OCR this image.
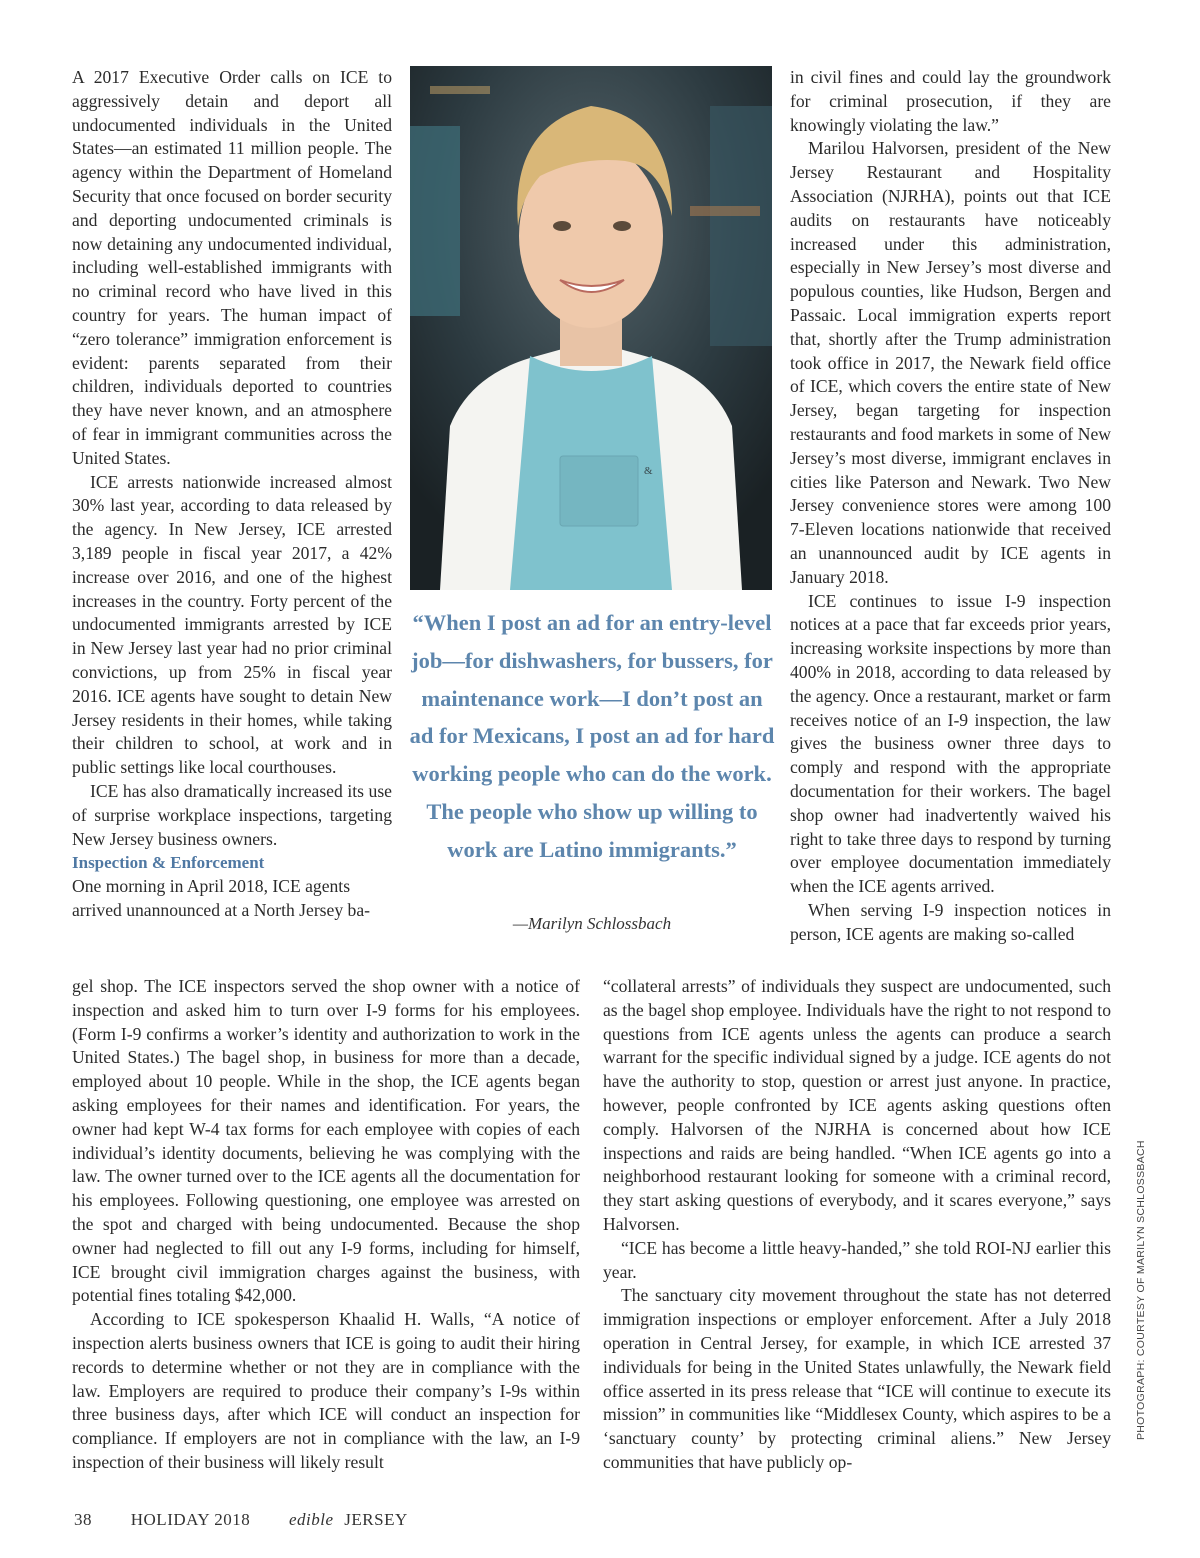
A 2017 Executive Order calls on ICE to aggressively detain and deport all undocumented individuals in the United States—an estimated 11 million people. The agency within the Department of Homeland Security that once focused on border security and deporting undocumented criminals is now detaining any undocumented individual, including well-established immigrants with no criminal record who have lived in this country for years. The human impact of “zero tolerance” immigration enforcement is evident: parents separated from their children, individuals deported to countries they have never known, and an atmosphere of fear in immigrant communities across the United States.

ICE arrests nationwide increased almost 30% last year, according to data released by the agency. In New Jersey, ICE arrested 3,189 people in fiscal year 2017, a 42% increase over 2016, and one of the highest increases in the country. Forty percent of the undocumented immigrants arrested by ICE in New Jersey last year had no prior criminal convictions, up from 25% in fiscal year 2016. ICE agents have sought to detain New Jersey residents in their homes, while taking their children to school, at work and in public settings like local courthouses.

ICE has also dramatically increased its use of surprise workplace inspections, targeting New Jersey business owners.

Inspection & Enforcement

One morning in April 2018, ICE agents arrived unannounced at a North Jersey ba-

&
“When I post an ad for an entry-level job—for dishwashers, for bussers, for maintenance work—I don’t post an ad for Mexicans, I post an ad for hard working people who can do the work. The people who show up willing to work are Latino immigrants.”
—Marilyn Schlossbach

in civil fines and could lay the groundwork for criminal prosecution, if they are knowingly violating the law.”

Marilou Halvorsen, president of the New Jersey Restaurant and Hospitality Association (NJRHA), points out that ICE audits on restaurants have noticeably increased under this administration, especially in New Jersey’s most diverse and populous counties, like Hudson, Bergen and Passaic. Local immigration experts report that, shortly after the Trump administration took office in 2017, the Newark field office of ICE, which covers the entire state of New Jersey, began targeting for inspection restaurants and food markets in some of New Jersey’s most diverse, immigrant enclaves in cities like Paterson and Newark. Two New Jersey convenience stores were among 100 7-Eleven locations nationwide that received an unannounced audit by ICE agents in January 2018.

ICE continues to issue I-9 inspection notices at a pace that far exceeds prior years, increasing worksite inspections by more than 400% in 2018, according to data released by the agency. Once a restaurant, market or farm receives notice of an I-9 inspection, the law gives the business owner three days to comply and respond with the appropriate documentation for their workers. The bagel shop owner had inadvertently waived his right to take three days to respond by turning over employee documentation immediately when the ICE agents arrived.

When serving I-9 inspection notices in person, ICE agents are making so-called

gel shop. The ICE inspectors served the shop owner with a notice of inspection and asked him to turn over I-9 forms for his employees. (Form I-9 confirms a worker’s identity and authorization to work in the United States.) The bagel shop, in business for more than a decade, employed about 10 people. While in the shop, the ICE agents began asking employees for their names and identification. For years, the owner had kept W-4 tax forms for each employee with copies of each individual’s identity documents, believing he was complying with the law. The owner turned over to the ICE agents all the documentation for his employees. Following questioning, one employee was arrested on the spot and charged with being undocumented. Because the shop owner had neglected to fill out any I-9 forms, including for himself, ICE brought civil immigration charges against the business, with potential fines totaling $42,000.

According to ICE spokesperson Khaalid H. Walls, “A notice of inspection alerts business owners that ICE is going to audit their hiring records to determine whether or not they are in compliance with the law. Employers are required to produce their company’s I-9s within three business days, after which ICE will conduct an inspection for compliance. If employers are not in compliance with the law, an I-9 inspection of their business will likely result

“collateral arrests” of individuals they suspect are undocumented, such as the bagel shop employee. Individuals have the right to not respond to questions from ICE agents unless the agents can produce a search warrant for the specific individual signed by a judge. ICE agents do not have the authority to stop, question or arrest just anyone. In practice, however, people confronted by ICE agents asking questions often comply. Halvorsen of the NJRHA is concerned about how ICE inspections and raids are being handled. “When ICE agents go into a neighborhood restaurant looking for someone with a criminal record, they start asking questions of everybody, and it scares everyone,” says Halvorsen.

“ICE has become a little heavy-handed,” she told ROI-NJ earlier this year.

The sanctuary city movement throughout the state has not deterred immigration inspections or employer enforcement. After a July 2018 operation in Central Jersey, for example, in which ICE arrested 37 individuals for being in the United States unlawfully, the Newark field office asserted in its press release that “ICE will continue to execute its mission” in communities like “Middlesex County, which aspires to be a ‘sanctuary county’ by protecting criminal aliens.” New Jersey communities that have publicly op-

PHOTOGRAPH: COURTESY OF MARILYN SCHLOSSBACH
38 HOLIDAY 2018 edible JERSEY
